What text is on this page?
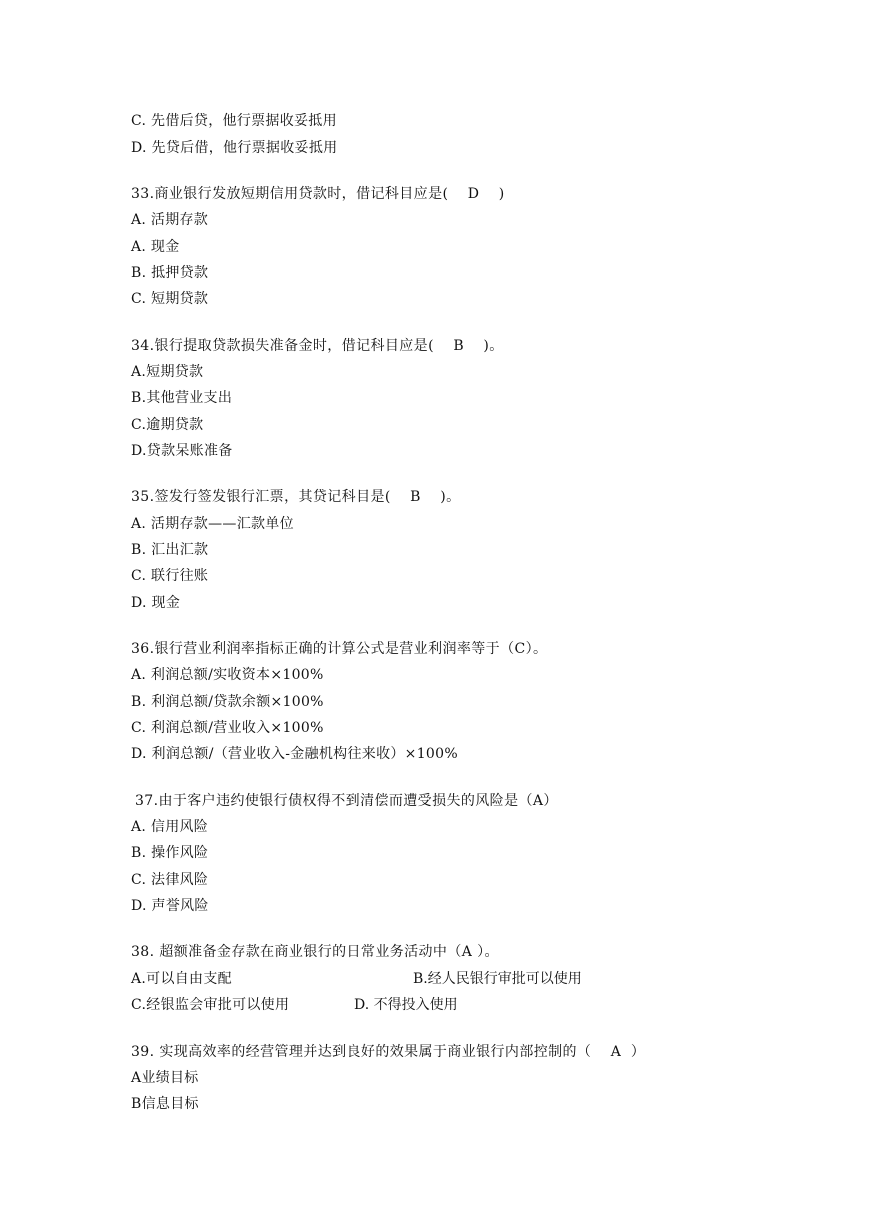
C. 先借后贷，他行票据收妥抵用
D. 先贷后借，他行票据收妥抵用
33.商业银行发放短期信用贷款时，借记科目应是(    D    )
A. 活期存款
A. 现金
B. 抵押贷款
C. 短期贷款
34.银行提取贷款损失准备金时，借记科目应是(    B    )。
A.短期贷款
B.其他营业支出
C.逾期贷款
D.贷款呆账准备
35.签发行签发银行汇票，其贷记科目是(    B    )。
A. 活期存款——汇款单位
B. 汇出汇款
C. 联行往账
D. 现金
36.银行营业利润率指标正确的计算公式是营业利润率等于（C）。
A. 利润总额/实收资本×100%
B. 利润总额/贷款余额×100%
C. 利润总额/营业收入×100%
D. 利润总额/（营业收入-金融机构往来收）×100%
37.由于客户违约使银行债权得不到清偿而遭受损失的风险是（A）
A. 信用风险
B. 操作风险
C. 法律风险
D. 声誉风险
38. 超额准备金存款在商业银行的日常业务活动中（A ）。
A.可以自由支配	B.经人民银行审批可以使用
C.经银监会审批可以使用	D. 不得投入使用
39. 实现高效率的经营管理并达到良好的效果属于商业银行内部控制的（    A  ）
A业绩目标
B信息目标
